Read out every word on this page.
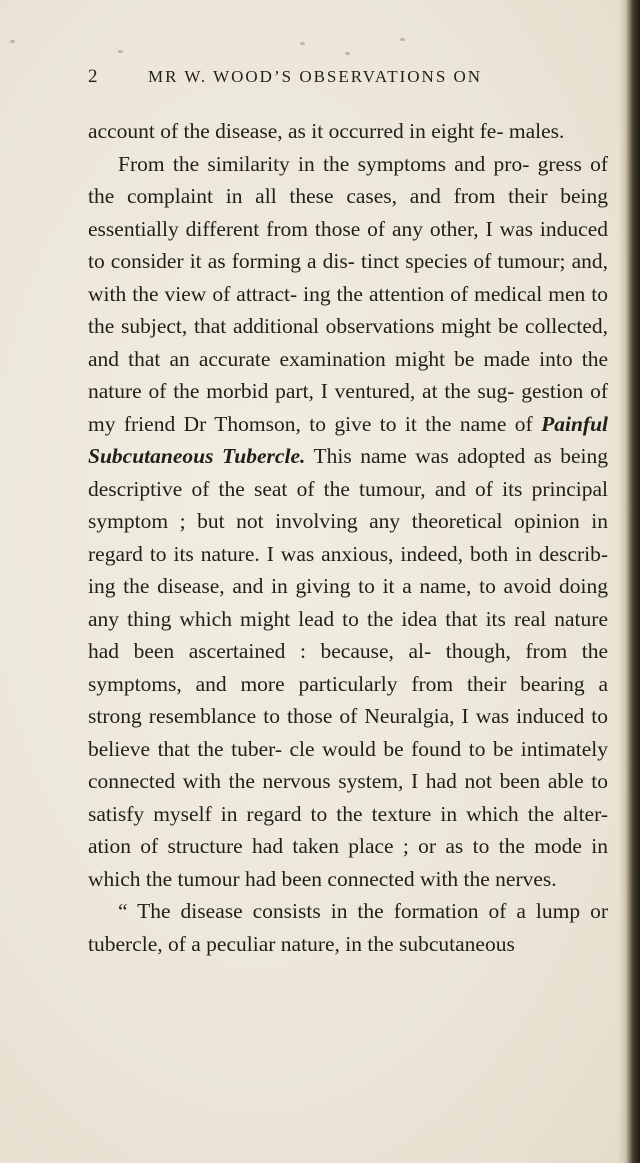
2	MR W. WOOD’S OBSERVATIONS ON

account of the disease, as it occurred in eight fe- males.

From the similarity in the symptoms and pro- gress of the complaint in all these cases, and from their being essentially different from those of any other, I was induced to consider it as forming a dis- tinct species of tumour; and, with the view of attract- ing the attention of medical men to the subject, that additional observations might be collected, and that an accurate examination might be made into the nature of the morbid part, I ventured, at the sug- gestion of my friend Dr Thomson, to give to it the name of Painful Subcutaneous Tubercle. This name was adopted as being descriptive of the seat of the tumour, and of its principal symptom ; but not involving any theoretical opinion in regard to its nature. I was anxious, indeed, both in describ- ing the disease, and in giving to it a name, to avoid doing any thing which might lead to the idea that its real nature had been ascertained : because, al- though, from the symptoms, and more particularly from their bearing a strong resemblance to those of Neuralgia, I was induced to believe that the tuber- cle would be found to be intimately connected with the nervous system, I had not been able to satisfy myself in regard to the texture in which the alter- ation of structure had taken place ; or as to the mode in which the tumour had been connected with the nerves.

“ The disease consists in the formation of a lump or tubercle, of a peculiar nature, in the subcutaneous
